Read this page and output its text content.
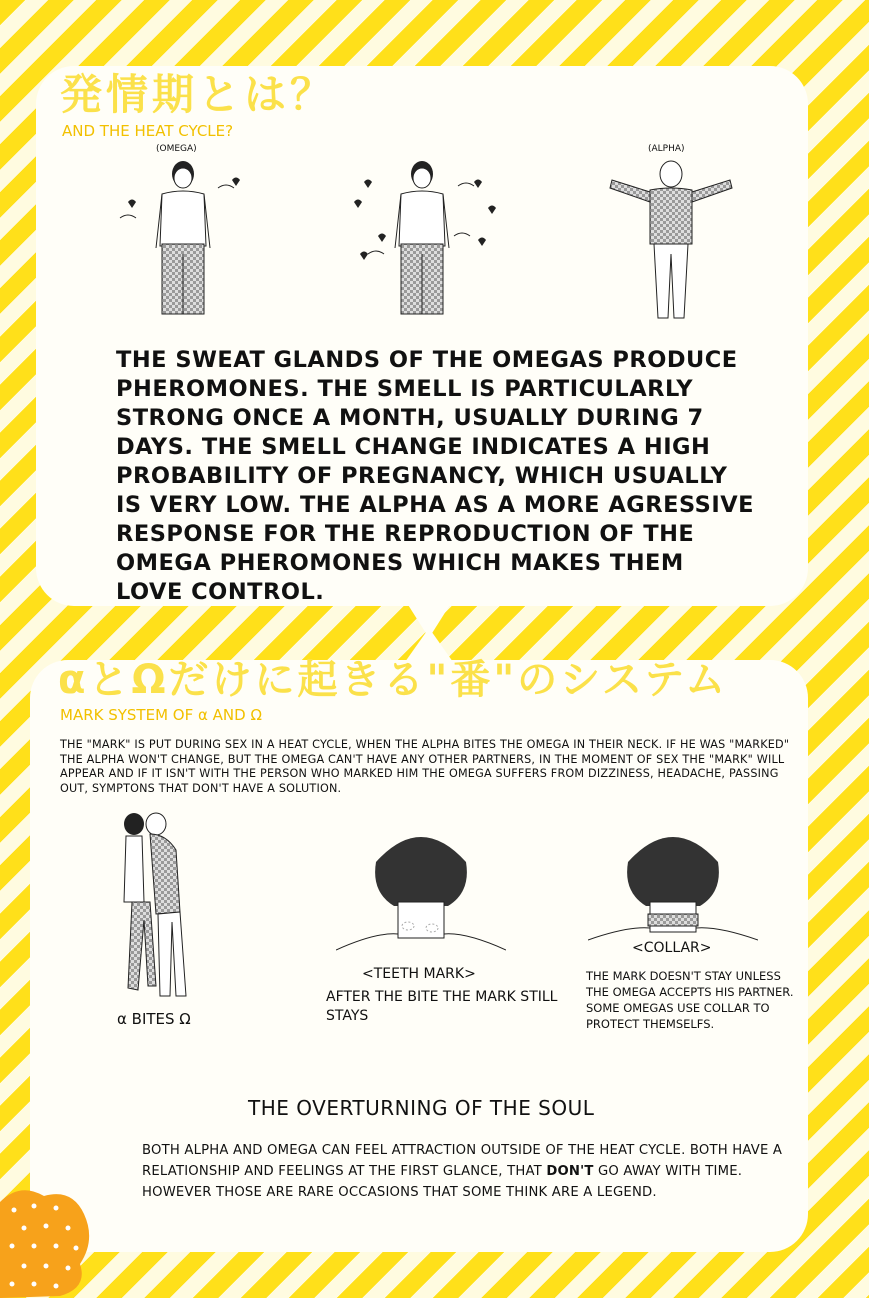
発情期とは？
AND THE HEAT CYCLE?
(OMEGA)	(ALPHA)
THE SWEAT GLANDS OF THE OMEGAS PRODUCE PHEROMONES. THE SMELL IS PARTICULARLY STRONG ONCE A MONTH, USUALLY DURING 7 DAYS. THE SMELL CHANGE INDICATES A HIGH PROBABILITY OF PREGNANCY, WHICH USUALLY IS VERY LOW. THE ALPHA AS A MORE AGRESSIVE RESPONSE FOR THE REPRODUCTION OF THE OMEGA PHEROMONES WHICH MAKES THEM LOVE CONTROL.
αとΩだけに起きる"番"のシステム
MARK SYSTEM OF α AND Ω
THE "MARK" IS PUT DURING SEX IN A HEAT CYCLE, WHEN THE ALPHA BITES THE OMEGA IN THEIR NECK. IF HE WAS "MARKED" THE ALPHA WON'T CHANGE, BUT THE OMEGA CAN'T HAVE ANY OTHER PARTNERS, IN THE MOMENT OF SEX THE "MARK" WILL APPEAR AND IF IT ISN'T WITH THE PERSON WHO MARKED HIM THE OMEGA SUFFERS FROM DIZZINESS, HEADACHE, PASSING OUT, SYMPTONS THAT DON'T HAVE A SOLUTION.
α BITES Ω
<TEETH MARK>
AFTER THE BITE THE MARK STILL STAYS
<COLLAR>
THE MARK DOESN'T STAY UNLESS THE OMEGA ACCEPTS HIS PARTNER. SOME OMEGAS USE COLLAR TO PROTECT THEMSELFS.
THE OVERTURNING OF THE SOUL
BOTH ALPHA AND OMEGA CAN FEEL ATTRACTION OUTSIDE OF THE HEAT CYCLE. BOTH HAVE A RELATIONSHIP AND FEELINGS AT THE FIRST GLANCE, THAT DON'T GO AWAY WITH TIME. HOWEVER THOSE ARE RARE OCCASIONS THAT SOME THINK ARE A LEGEND.
